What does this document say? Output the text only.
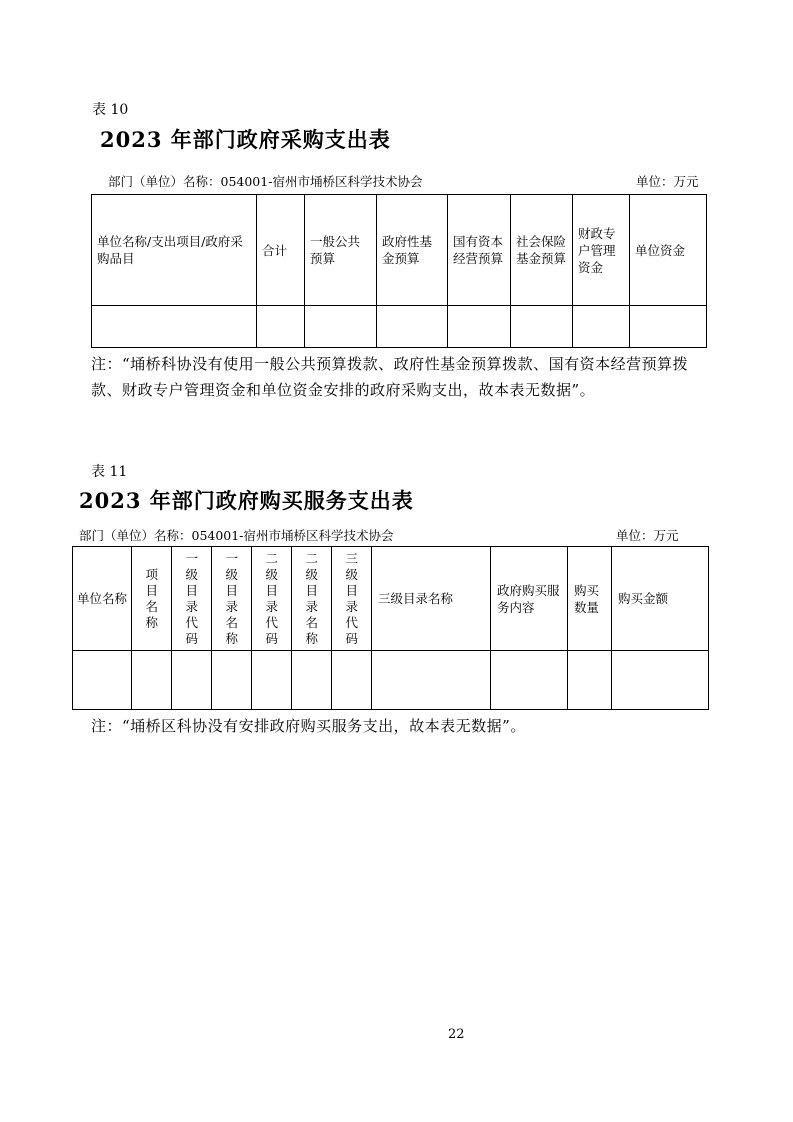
表 10
2023 年部门政府采购支出表
部门（单位）名称：054001-宿州市埇桥区科学技术协会	单位：万元
单位名称/支出项目/政府采购品目	合计	一般公共预算	政府性基金预算	国有资本经营预算	社会保险基金预算	财政专户管理资金	单位资金

注：“埇桥科协没有使用一般公共预算拨款、政府性基金预算拨款、国有资本经营预算拨款、财政专户管理资金和单位资金安排的政府采购支出，故本表无数据”。
表 11
2023 年部门政府购买服务支出表
部门（单位）名称：054001-宿州市埇桥区科学技术协会	单位：万元
单位名称	项目名称	一级目录代码	一级目录名称	二级目录代码	二级目录名称	三级目录代码	三级目录名称	政府购买服务内容	购买数量	购买金额

注：“埇桥区科协没有安排政府购买服务支出，故本表无数据”。
22
